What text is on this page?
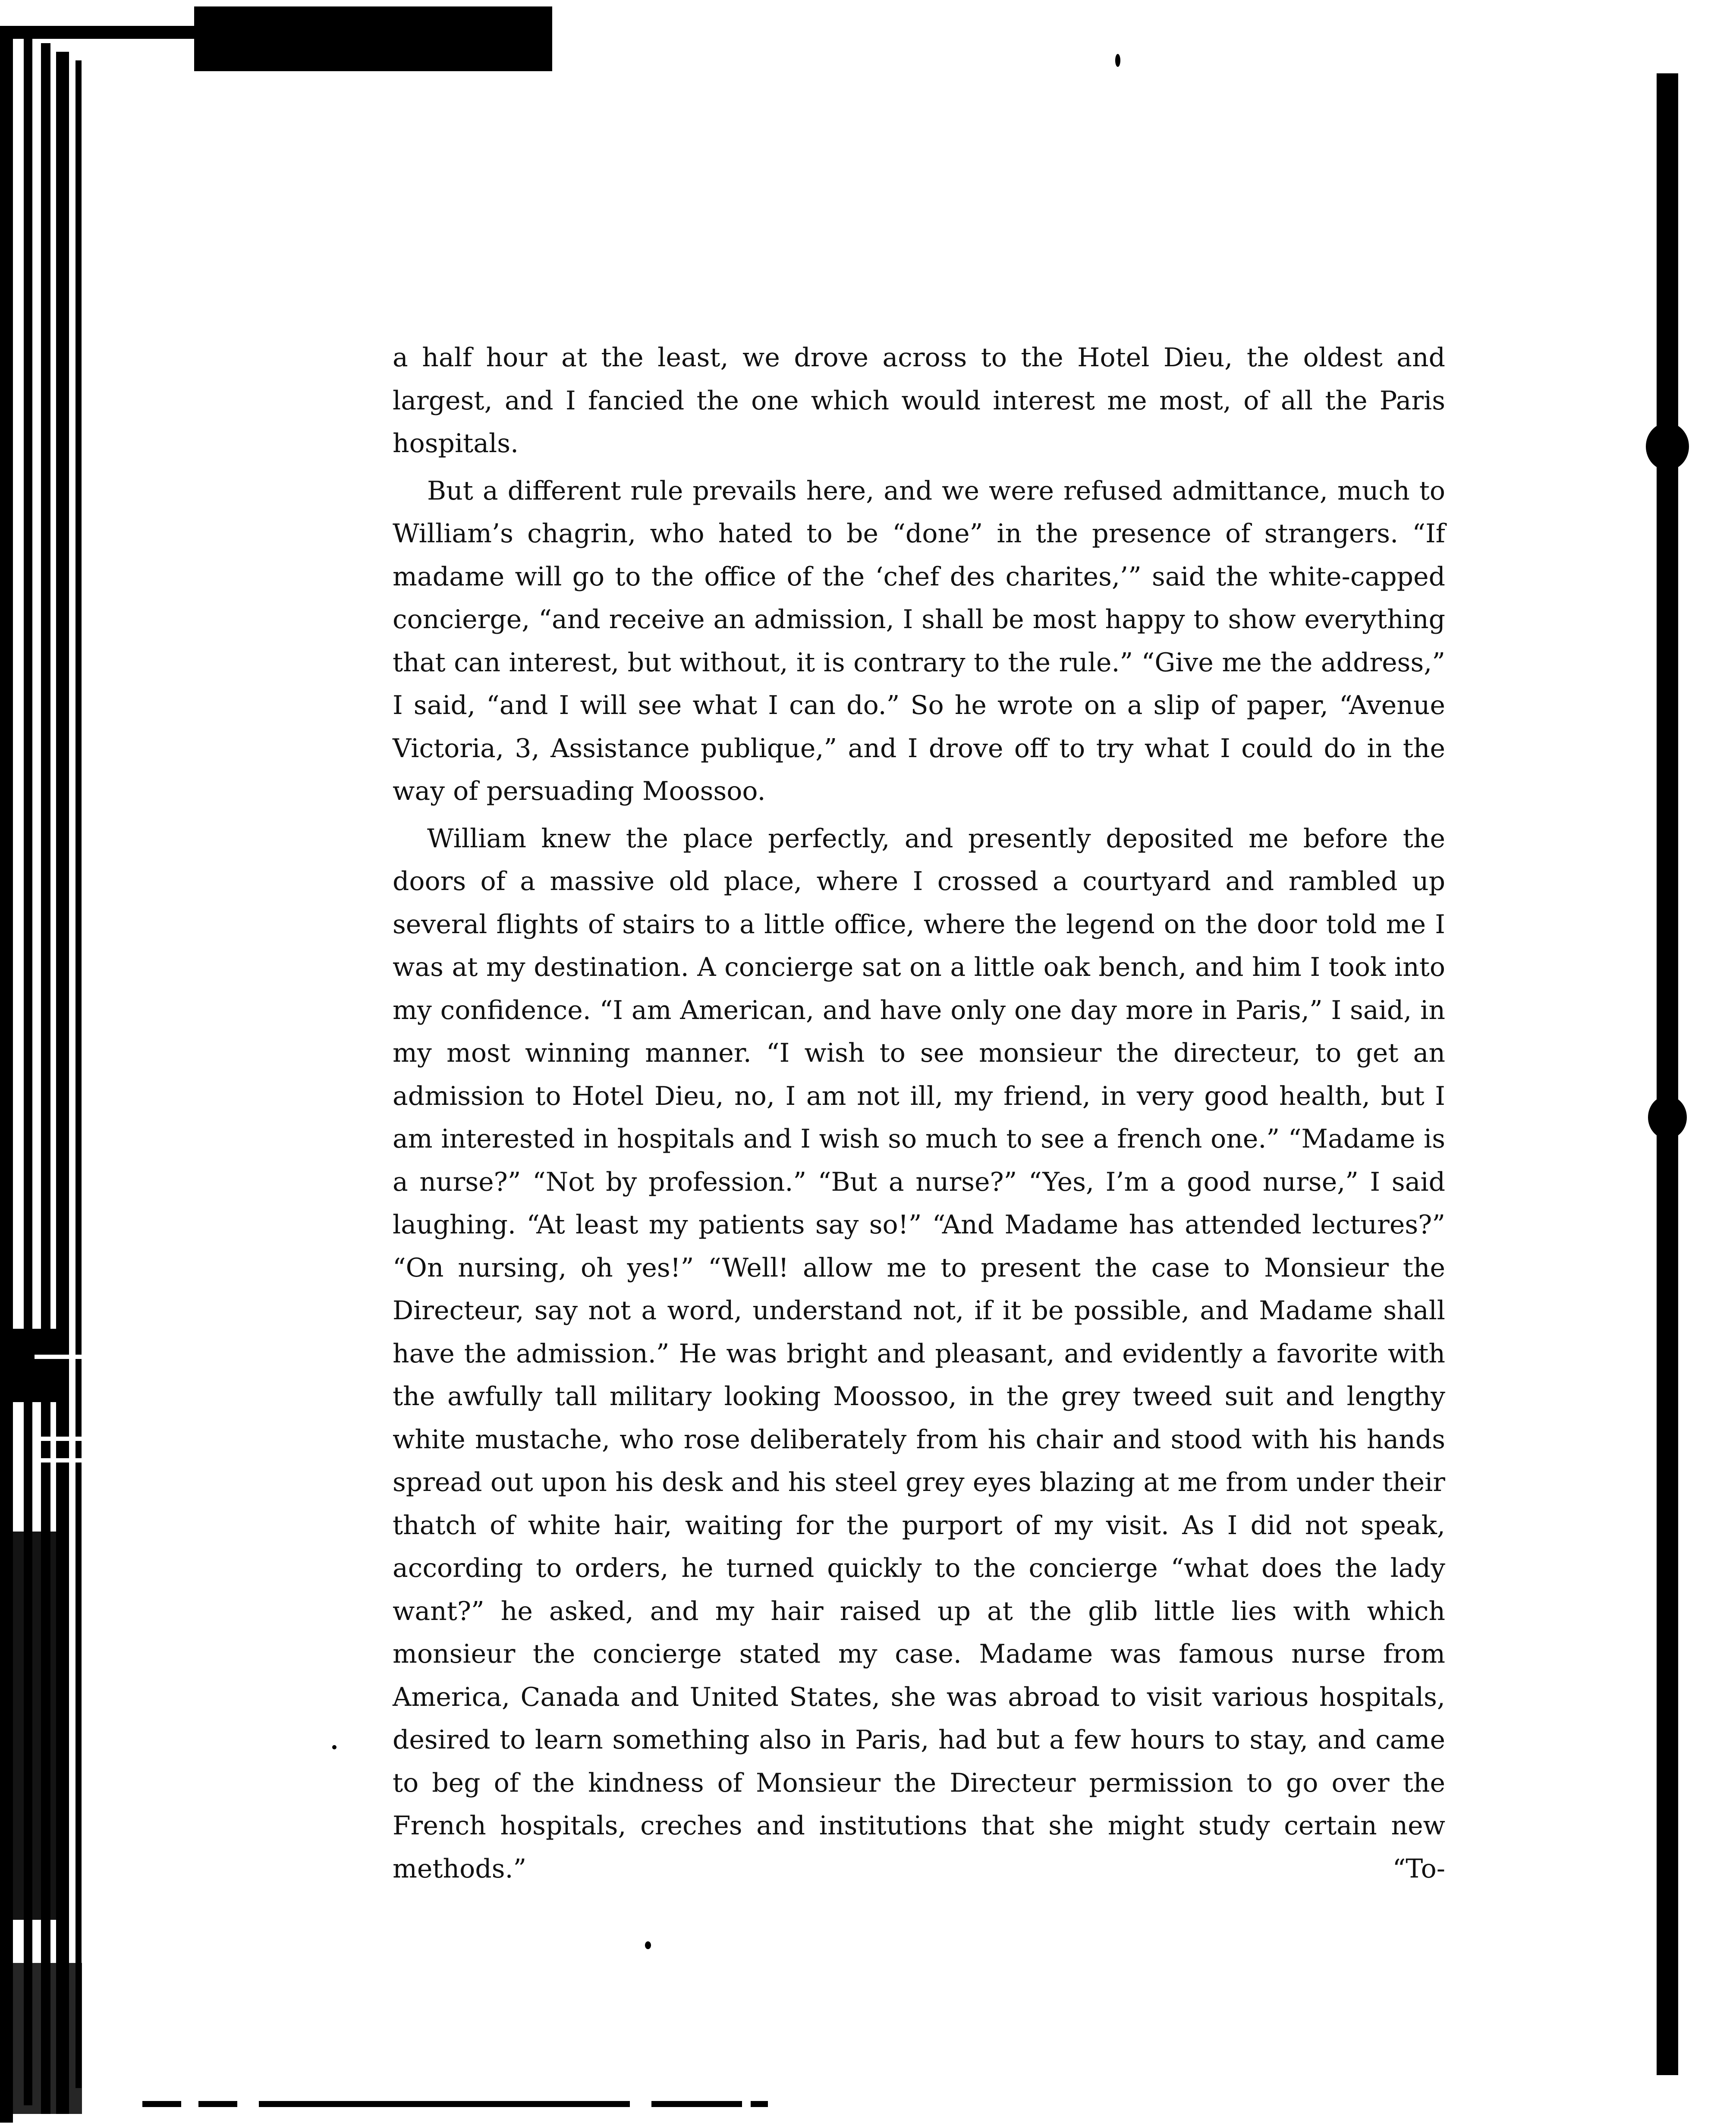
a half hour at the least, we drove across to the Hotel Dieu, the oldest and largest, and I fancied the one which would interest me most, of all the Paris hospitals.

But a different rule prevails here, and we were refused admittance, much to William’s chagrin, who hated to be “done” in the presence of strangers. “If madame will go to the office of the ‘chef des charites,’” said the white-capped concierge, “and receive an admission, I shall be most happy to show everything that can interest, but without, it is contrary to the rule.” “Give me the address,” I said, “and I will see what I can do.” So he wrote on a slip of paper, “Avenue Victoria, 3, Assistance publique,” and I drove off to try what I could do in the way of persuading Moossoo.

William knew the place perfectly, and presently deposited me before the doors of a massive old place, where I crossed a courtyard and rambled up several flights of stairs to a little office, where the legend on the door told me I was at my destination. A concierge sat on a little oak bench, and him I took into my confidence. “I am American, and have only one day more in Paris,” I said, in my most winning manner. “I wish to see monsieur the directeur, to get an admission to Hotel Dieu, no, I am not ill, my friend, in very good health, but I am interested in hospitals and I wish so much to see a french one.” “Madame is a nurse?” “Not by profession.” “But a nurse?” “Yes, I’m a good nurse,” I said laughing. “At least my patients say so!” “And Madame has attended lectures?” “On nursing, oh yes!” “Well! allow me to present the case to Monsieur the Directeur, say not a word, understand not, if it be possible, and Madame shall have the admission.” He was bright and pleasant, and evidently a favorite with the awfully tall military looking Moossoo, in the grey tweed suit and lengthy white mustache, who rose deliberately from his chair and stood with his hands spread out upon his desk and his steel grey eyes blazing at me from under their thatch of white hair, waiting for the purport of my visit. As I did not speak, according to orders, he turned quickly to the concierge “what does the lady want?” he asked, and my hair raised up at the glib little lies with which monsieur the concierge stated my case. Madame was famous nurse from America, Canada and United States, she was abroad to visit various hospitals, desired to learn something also in Paris, had but a few hours to stay, and came to beg of the kindness of Monsieur the Directeur permission to go over the French hospitals, creches and institutions that she might study certain new methods.” “To-
